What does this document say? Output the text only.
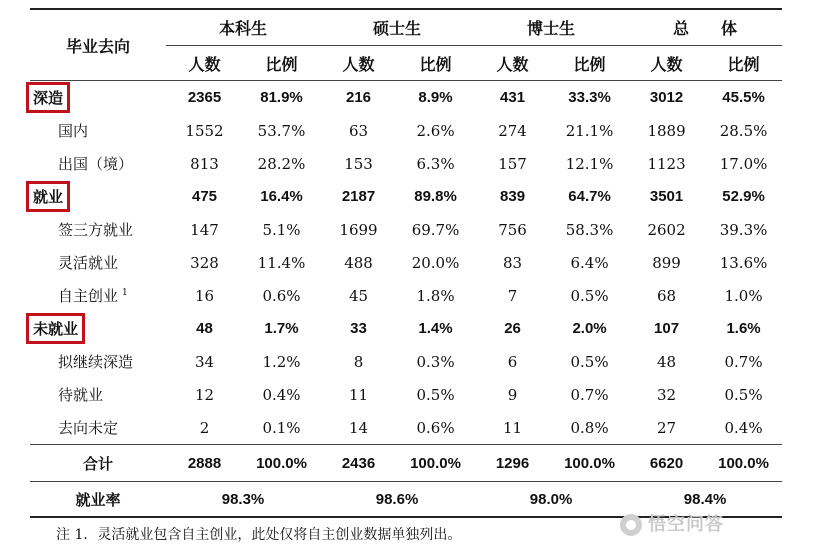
毕业去向	本科生		硕士生		博士生		总　　体	
	人数	比例	人数	比例	人数	比例	人数	比例
深造	2365	81.9%	216	8.9%	431	33.3%	3012	45.5%
国内	1552	53.7%	63	2.6%	274	21.1%	1889	28.5%
出国（境）	813	28.2%	153	6.3%	157	12.1%	1123	17.0%
就业	475	16.4%	2187	89.8%	839	64.7%	3501	52.9%
签三方就业	147	5.1%	1699	69.7%	756	58.3%	2602	39.3%
灵活就业	328	11.4%	488	20.0%	83	6.4%	899	13.6%
自主创业 $^1$	16	0.6%	45	1.8%	7	0.5%	68	1.0%
未就业	48	1.7%	33	1.4%	26	2.0%	107	1.6%
拟继续深造	34	1.2%	8	0.3%	6	0.5%	48	0.7%
待就业	12	0.4%	11	0.5%	9	0.7%	32	0.5%
去向未定	2	0.1%	14	0.6%	11	0.8%	27	0.4%
合计	2888	100.0%	2436	100.0%	1296	100.0%	6620	100.0%
就业率	98.3%		98.6%		98.0%		98.4%	
注 1．灵活就业包含自主创业，此处仅将自主创业数据单独列出。	悟空问答
